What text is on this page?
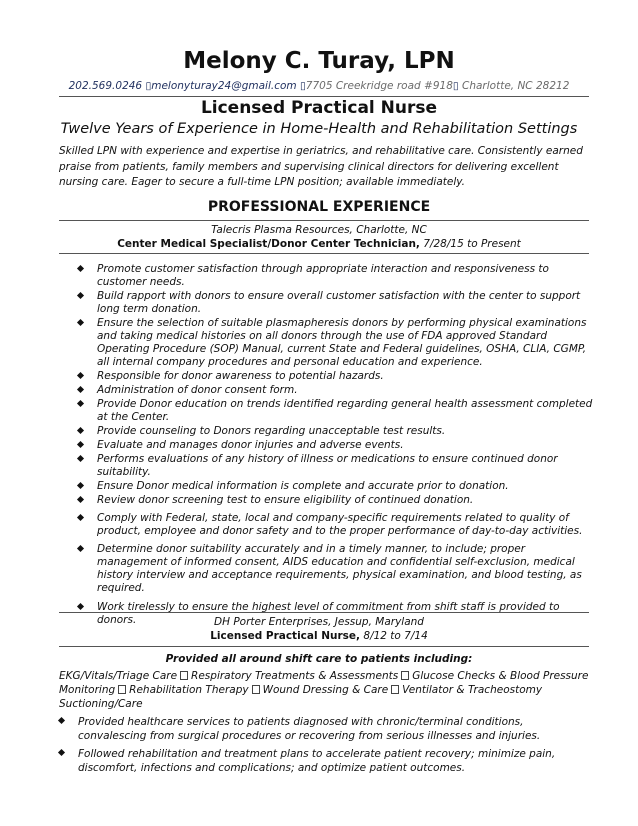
Melony C. Turay, LPN
202.569.0246 ▯melonyturay24@gmail.com ▯7705 Creekridge road #918▯ Charlotte, NC 28212
Licensed Practical Nurse
Twelve Years of Experience in Home-Health and Rehabilitation Settings
Skilled LPN with experience and expertise in geriatrics, and rehabilitative care. Consistently earned praise from patients, family members and supervising clinical directors for delivering excellent nursing care. Eager to secure a full-time LPN position; available immediately.
PROFESSIONAL EXPERIENCE
Talecris Plasma Resources, Charlotte, NC
Center Medical Specialist/Donor Center Technician, 7/28/15 to Present
Promote customer satisfaction through appropriate interaction and responsiveness to customer needs.
Build rapport with donors to ensure overall customer satisfaction with the center to support long term donation.
Ensure the selection of suitable plasmapheresis donors by performing physical examinations and taking medical histories on all donors through the use of FDA approved Standard Operating Procedure (SOP) Manual, current State and Federal guidelines, OSHA, CLIA, CGMP, all internal company procedures and personal education and experience.
Responsible for donor awareness to potential hazards.
Administration of donor consent form.
Provide Donor education on trends identified regarding general health assessment completed at the Center.
Provide counseling to Donors regarding unacceptable test results.
Evaluate and manages donor injuries and adverse events.
Performs evaluations of any history of illness or medications to ensure continued donor suitability.
Ensure Donor medical information is complete and accurate prior to donation.
Review donor screening test to ensure eligibility of continued donation.
Comply with Federal, state, local and company-specific requirements related to quality of product, employee and donor safety and to the proper performance of day-to-day activities.
Determine donor suitability accurately and in a timely manner, to include; proper management of informed consent, AIDS education and confidential self-exclusion, medical history interview and acceptance requirements, physical examination, and blood testing, as required.
Work tirelessly to ensure the highest level of commitment from shift staff is provided to donors.	DH Porter Enterprises, Jessup, Maryland
Licensed Practical Nurse, 8/12 to 7/14
Provided all around shift care to patients including:
EKG/Vitals/Triage Care Respiratory Treatments & Assessments Glucose Checks & Blood Pressure Monitoring Rehabilitation Therapy Wound Dressing & Care Ventilator & Tracheostomy Suctioning/Care
Provided healthcare services to patients diagnosed with chronic/terminal conditions, convalescing from surgical procedures or recovering from serious illnesses and injuries.
Followed rehabilitation and treatment plans to accelerate patient recovery; minimize pain, discomfort, infections and complications; and optimize patient outcomes.
